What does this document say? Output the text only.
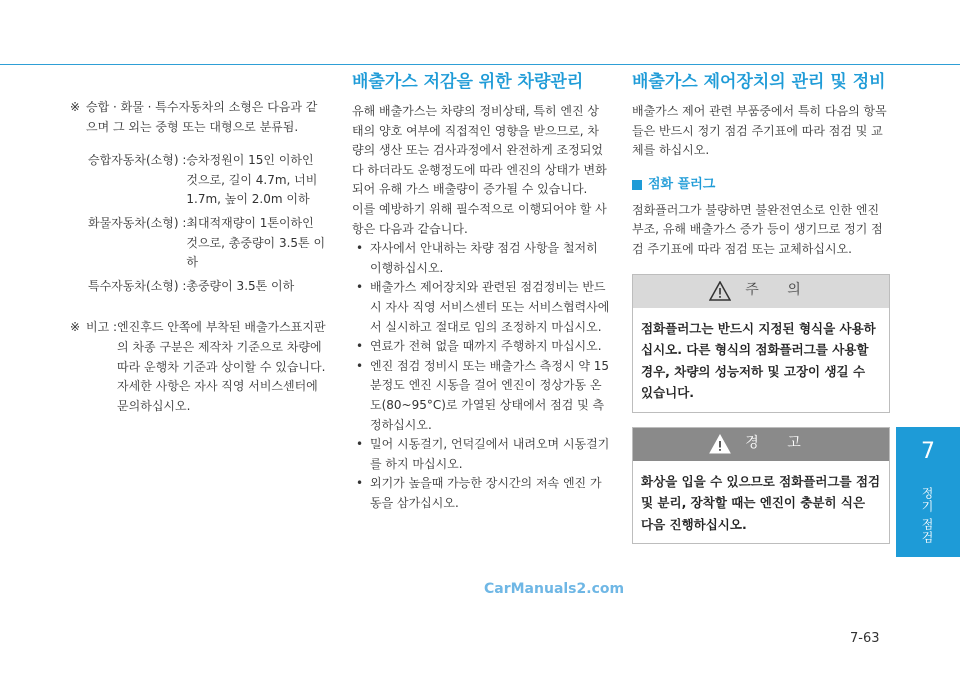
※ 승합 · 화물 · 특수자동차의 소형은 다음과 같으며 그 외는 중형 또는 대형으로 분류됨.
승합자동차(소형) : 승차정원이 15인 이하인 것으로, 길이 4.7m, 너비 1.7m, 높이 2.0m 이하
화물자동차(소형) : 최대적재량이 1톤이하인 것으로, 총중량이 3.5톤 이하
특수자동차(소형) : 총중량이 3.5톤 이하
※ 비고 : 엔진후드 안쪽에 부착된 배출가스표지판의 차종 구분은 제작차 기준으로 차량에 따라 운행차 기준과 상이할 수 있습니다.
자세한 사항은 자사 직영 서비스센터에 문의하십시오.
배출가스 저감을 위한 차량관리
유해 배출가스는 차량의 정비상태, 특히 엔진 상태의 양호 여부에 직접적인 영향을 받으므로, 차량의 생산 또는 검사과정에서 완전하게 조정되었다 하더라도 운행정도에 따라 엔진의 상태가 변화되어 유해 가스 배출량이 증가될 수 있습니다.
이를 예방하기 위해 필수적으로 이행되어야 할 사항은 다음과 같습니다.
• 자사에서 안내하는 차량 점검 사항을 철저히 이행하십시오.
• 배출가스 제어장치와 관련된 점검정비는 반드시 자사 직영 서비스센터 또는 서비스협력사에서 실시하고 절대로 임의 조정하지 마십시오.
• 연료가 전혀 없을 때까지 주행하지 마십시오.
• 엔진 점검 정비시 또는 배출가스 측정시 약 15분정도 엔진 시동을 걸어 엔진이 정상가동 온도(80~95°C)로 가열된 상태에서 점검 및 측정하십시오.
• 밀어 시동걸기, 언덕길에서 내려오며 시동걸기를 하지 마십시오.
• 외기가 높을때 가능한 장시간의 저속 엔진 가동을 삼가십시오.
배출가스 제어장치의 관리 및 정비
배출가스 제어 관련 부품중에서 특히 다음의 항목들은 반드시 정기 점검 주기표에 따라 점검 및 교체를 하십시오.
점화 플러그
점화플러그가 불량하면 불완전연소로 인한 엔진부조, 유해 배출가스 증가 등이 생기므로 정기 점검 주기표에 따라 점검 또는 교체하십시오.
주 의
점화플러그는 반드시 지정된 형식을 사용하십시오. 다른 형식의 점화플러그를 사용할 경우, 차량의 성능저하 및 고장이 생길 수 있습니다.
경 고
화상을 입을 수 있으므로 점화플러그를 점검 및 분리, 장착할 때는 엔진이 충분히 식은 다음 진행하십시오.
7
정기 점검
CarManuals2.com
7-63
